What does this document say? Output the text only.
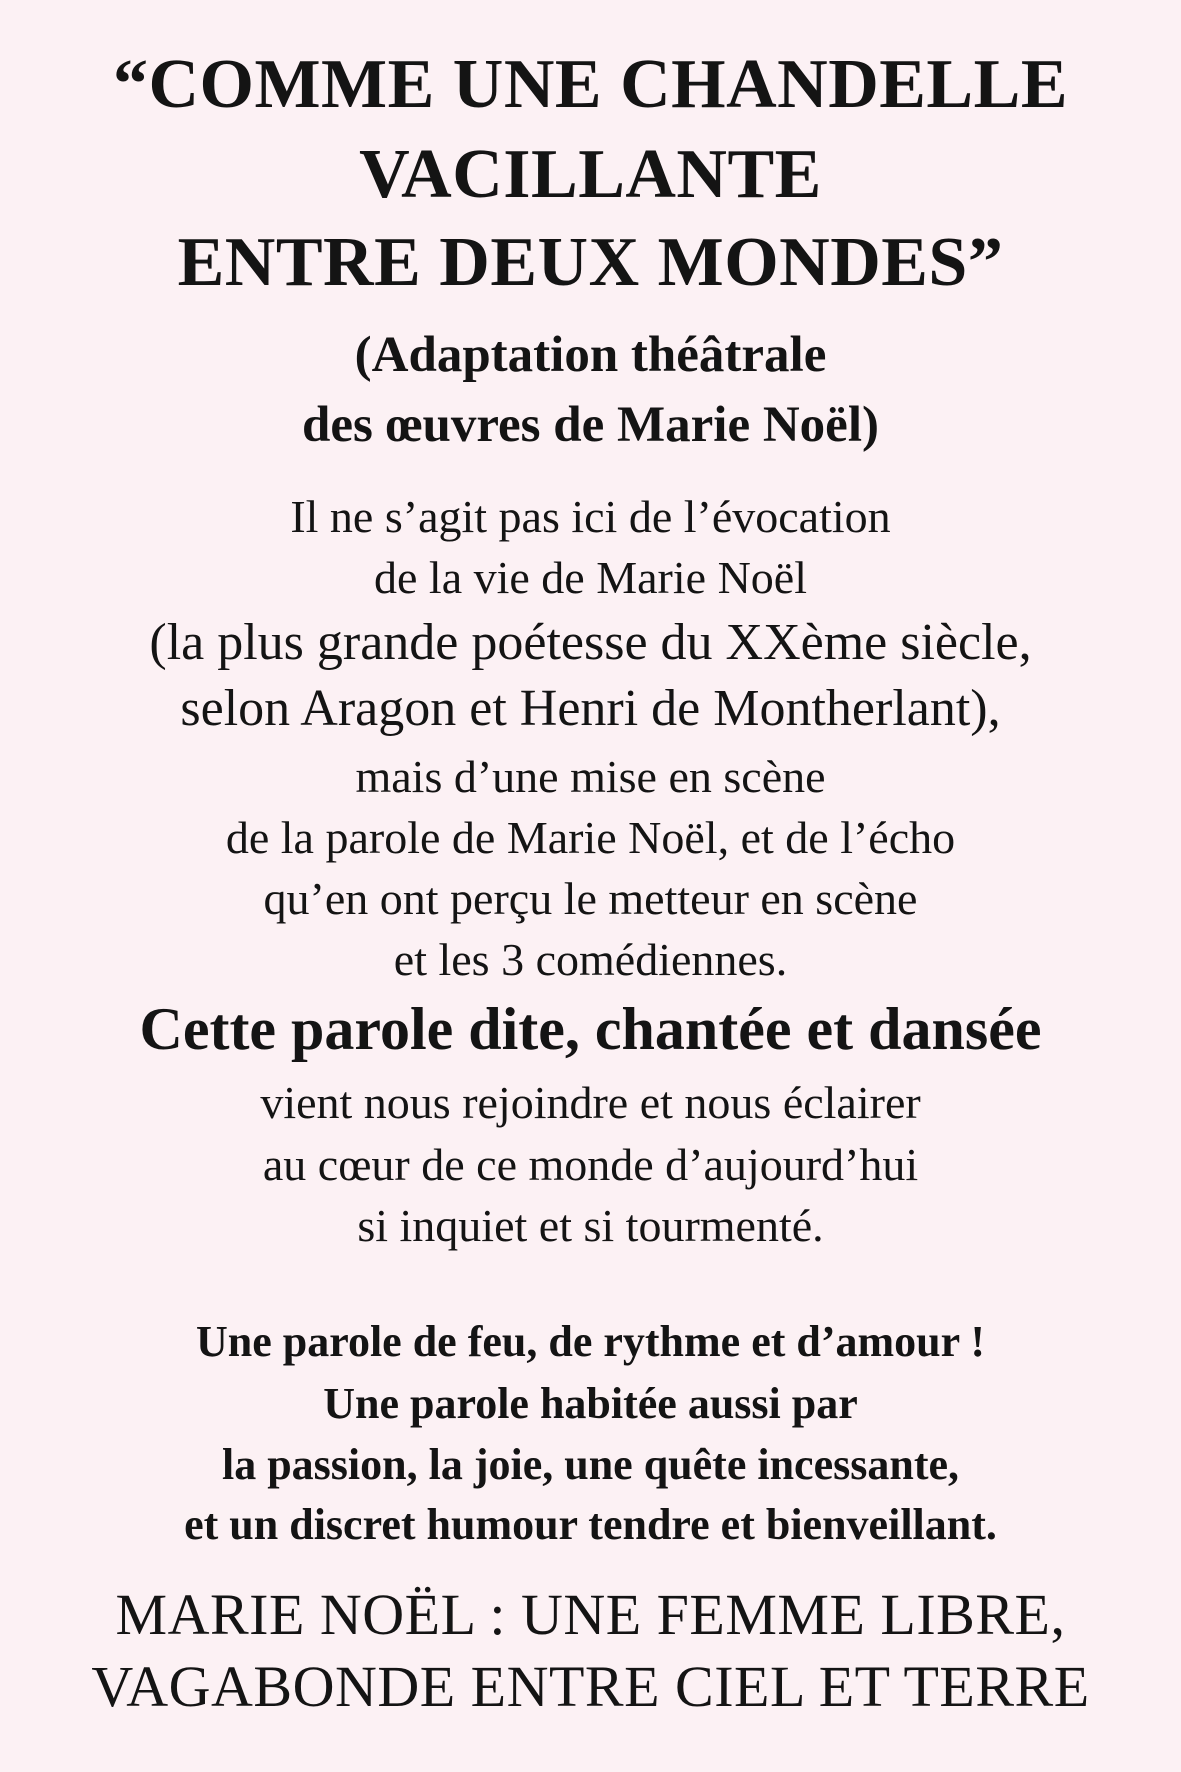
“COMME UNE CHANDELLE
VACILLANTE
ENTRE DEUX MONDES”
(Adaptation théâtrale
des œuvres de Marie Noël)
Il ne s’agit pas ici de l’évocation
de la vie de Marie Noël
(la plus grande poétesse du XXème siècle,
selon Aragon et Henri de Montherlant),
mais d’une mise en scène
de la parole de Marie Noël, et de l’écho
qu’en ont perçu le metteur en scène
et les 3 comédiennes.
Cette parole dite, chantée et dansée
vient nous rejoindre et nous éclairer
au cœur de ce monde d’aujourd’hui
si inquiet et si tourmenté.
Une parole de feu, de rythme et d’amour !
Une parole habitée aussi par
la passion, la joie, une quête incessante,
et un discret humour tendre et bienveillant.
MARIE NOËL : UNE FEMME LIBRE,
VAGABONDE ENTRE CIEL ET TERRE
